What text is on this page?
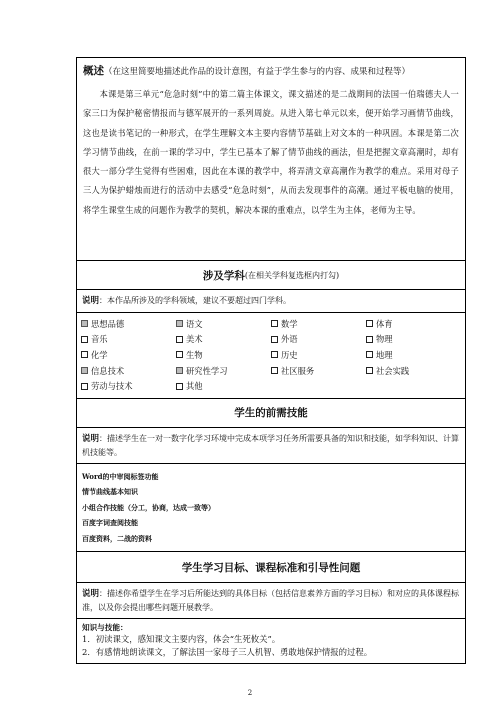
概述（在这里简要地描述此作品的设计意图，有益于学生参与的内容、成果和过程等）
本课是第三单元“危急时刻”中的第二篇主体课文，课文描述的是二战期间的法国一伯瑞德夫人一家三口为保护秘密情报而与德军展开的一系列周旋。从进入第七单元以来，便开始学习画情节曲线，这也是读书笔记的一种形式，在学生理解文本主要内容情节基础上对文本的一种巩固。本课是第二次学习情节曲线，在前一课的学习中，学生已基本了解了情节曲线的画法，但是把握文章高潮时，却有很大一部分学生觉得有些困难，因此在本课的教学中，将弄清文章高潮作为教学的难点。采用对母子三人为保护蜡烛而进行的活动中去感受“危急时刻”，从而去发现事件的高潮。通过平板电脑的使用，将学生课堂生成的问题作为教学的契机，解决本课的重难点，以学生为主体，老师为主导。
涉及学科 (在相关学科复选框内打勾)
说明：本作品所涉及的学科领域，建议不要超过四门学科。
思想品德	语文	数学	体育
音乐	美术	外语	物理
化学	生物	历史	地理
信息技术	研究性学习	社区服务	社会实践
劳动与技术	其他
学生的前需技能
说明：描述学生在一对一数字化学习环境中完成本项学习任务所需要具备的知识和技能，如学科知识、计算机技能等。
Word的中审阅标签功能
情节曲线基本知识
小组合作技能（分工，协商，达成一致等）
百度字词查阅技能
百度资料，二战的资料
学生学习目标、课程标准和引导性问题
说明：描述你希望学生在学习后所能达到的具体目标（包括信息素养方面的学习目标）和对应的具体课程标准，以及你会提出哪些问题开展教学。
知识与技能：
1．初读课文，感知课文主要内容，体会“生死攸关”。
2．有感情地朗读课文，了解法国一家母子三人机智、勇敢地保护情报的过程。
2
